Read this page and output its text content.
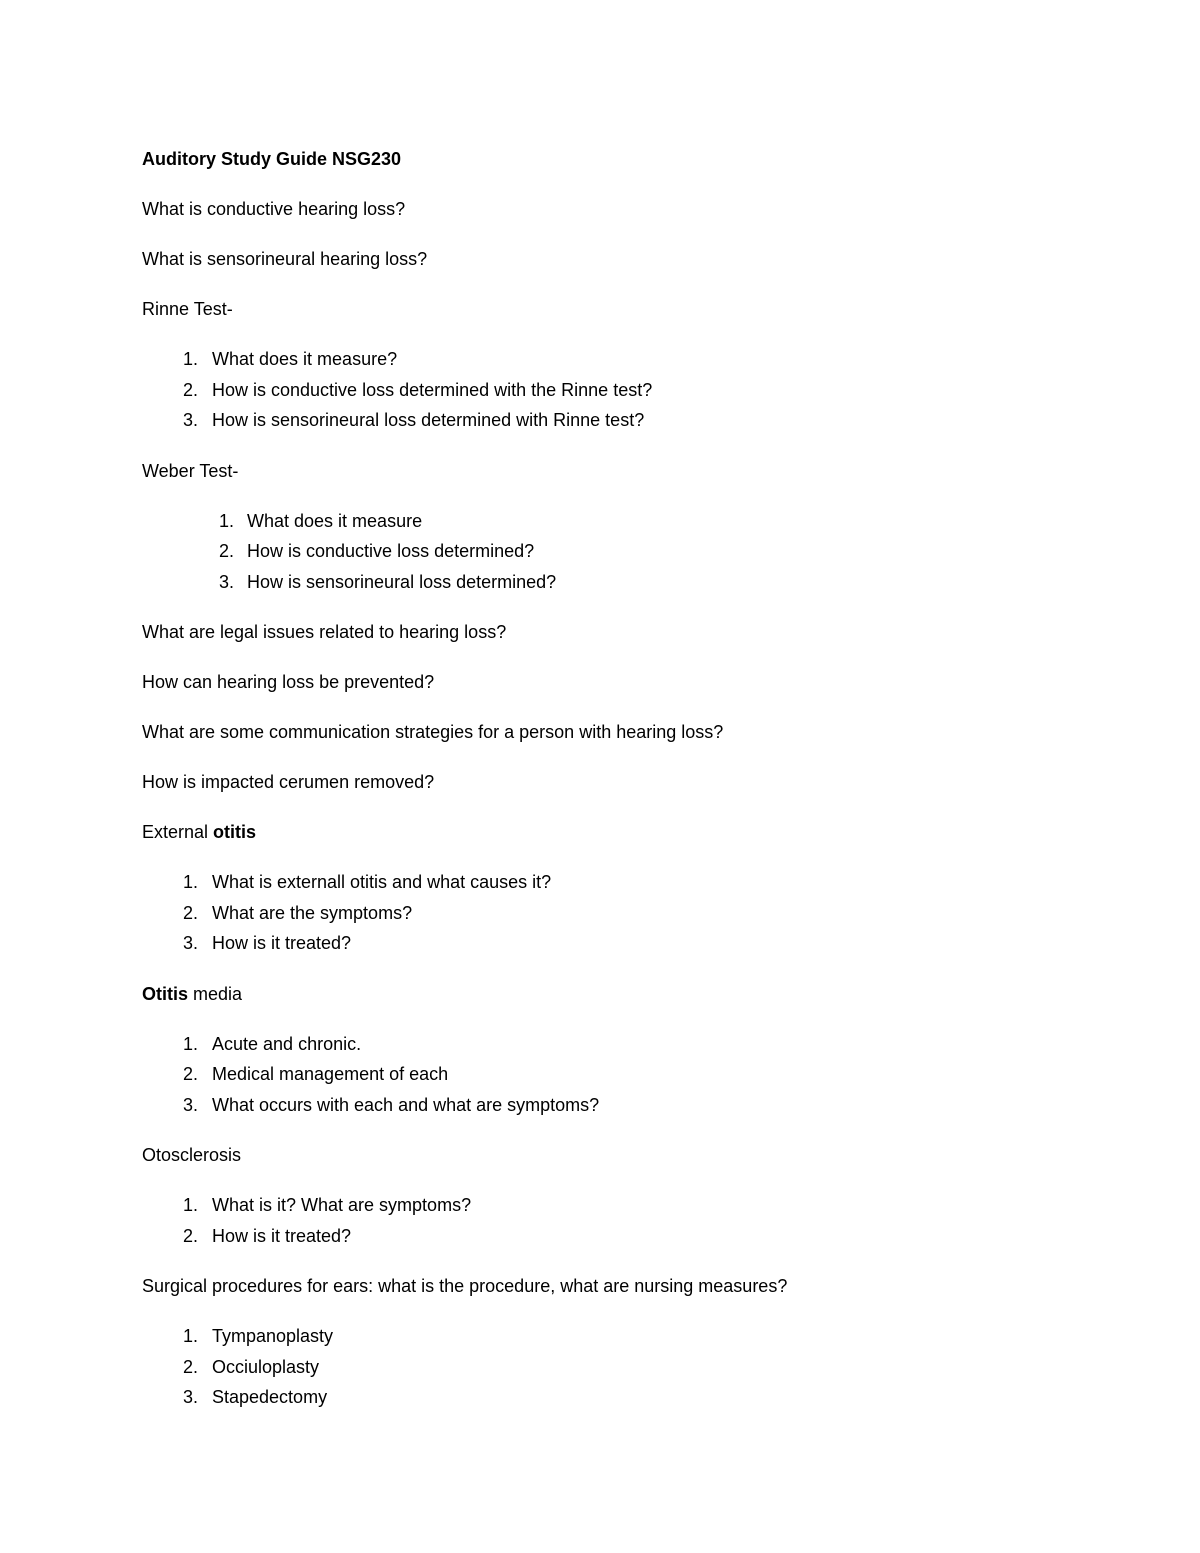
Auditory Study Guide NSG230
What is conductive hearing loss?
What is sensorineural hearing loss?
Rinne Test-
1. What does it measure?
2. How is conductive loss determined with the Rinne test?
3. How is sensorineural loss determined with Rinne test?
Weber Test-
1. What does it measure
2. How is conductive loss determined?
3. How is sensorineural loss determined?
What are legal issues related to hearing loss?
How can hearing loss be prevented?
What are some communication strategies for a person with hearing loss?
How is impacted cerumen removed?
External otitis
1. What is externall otitis and what causes it?
2. What are the symptoms?
3. How is it treated?
Otitis media
1. Acute and chronic.
2. Medical management of each
3. What occurs with each and what are symptoms?
Otosclerosis
1. What is it? What are symptoms?
2. How is it treated?
Surgical procedures for ears: what is the procedure, what are nursing measures?
1. Tympanoplasty
2. Occiuloplasty
3. Stapedectomy
